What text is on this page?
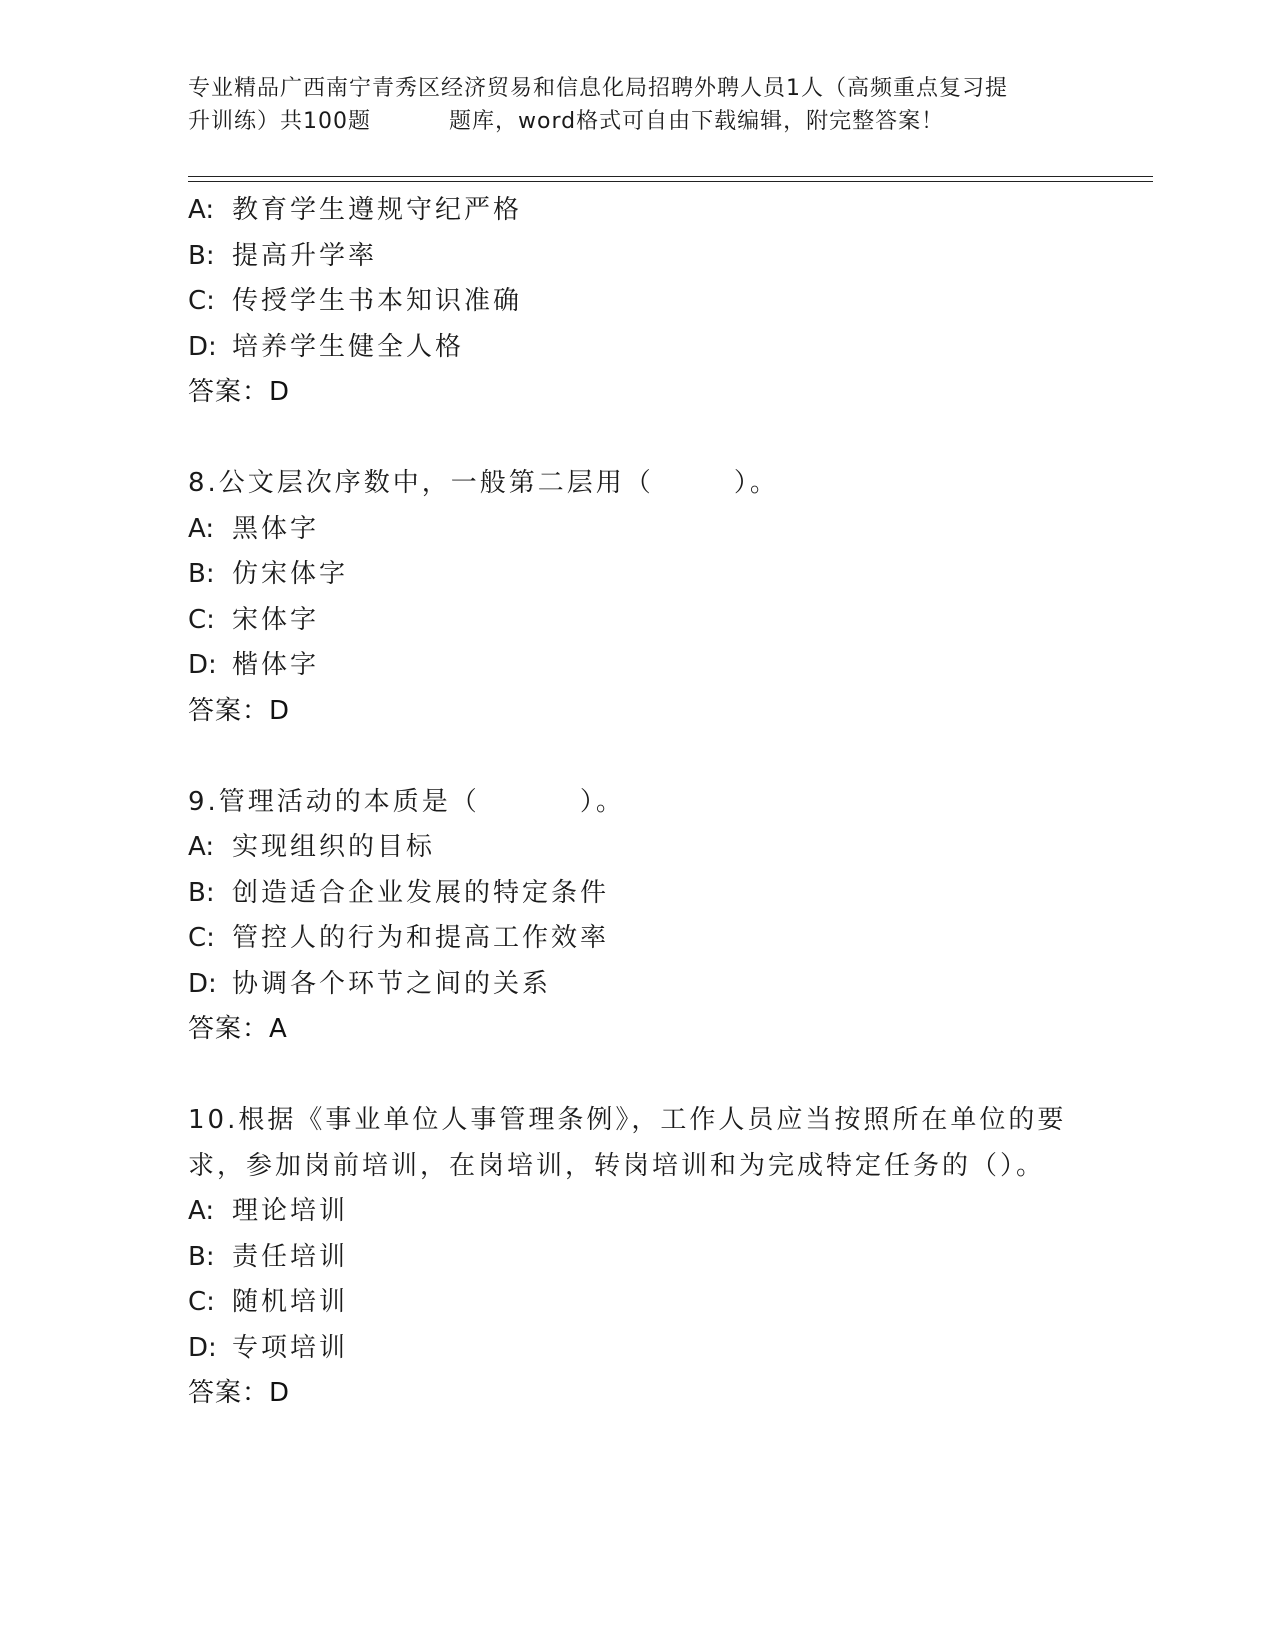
专业精品广西南宁青秀区经济贸易和信息化局招聘外聘人员1人（高频重点复习提
升训练）共100题	题库，word格式可自由下载编辑，附完整答案！
A: 教育学生遵规守纪严格
B: 提高升学率
C: 传授学生书本知识准确
D: 培养学生健全人格
答案：D
8.公文层次序数中，一般第二层用（	）。
A: 黑体字
B: 仿宋体字
C: 宋体字
D: 楷体字
答案：D
9.管理活动的本质是（	）。
A: 实现组织的目标
B: 创造适合企业发展的特定条件
C: 管控人的行为和提高工作效率
D: 协调各个环节之间的关系
答案：A
10.根据《事业单位人事管理条例》，工作人员应当按照所在单位的要
求，参加岗前培训，在岗培训，转岗培训和为完成特定任务的（）。
A: 理论培训
B: 责任培训
C: 随机培训
D: 专项培训
答案：D
